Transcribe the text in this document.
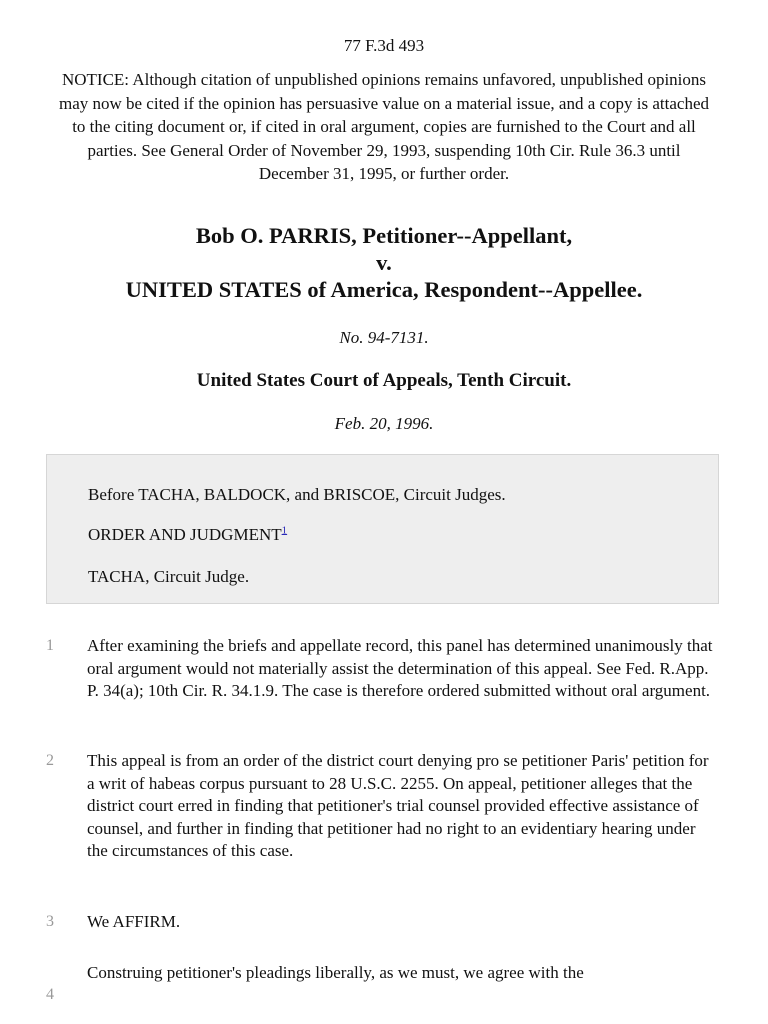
77 F.3d 493
NOTICE: Although citation of unpublished opinions remains unfavored, unpublished opinions may now be cited if the opinion has persuasive value on a material issue, and a copy is attached to the citing document or, if cited in oral argument, copies are furnished to the Court and all parties. See General Order of November 29, 1993, suspending 10th Cir. Rule 36.3 until December 31, 1995, or further order.
Bob O. PARRIS, Petitioner--Appellant,
v.
UNITED STATES of America, Respondent--Appellee.
No. 94-7131.
United States Court of Appeals, Tenth Circuit.
Feb. 20, 1996.
Before TACHA, BALDOCK, and BRISCOE, Circuit Judges.
ORDER AND JUDGMENT$^1$
TACHA, Circuit Judge.
1 After examining the briefs and appellate record, this panel has determined unanimously that oral argument would not materially assist the determination of this appeal. See Fed. R.App. P. 34(a); 10th Cir. R. 34.1.9. The case is therefore ordered submitted without oral argument.
2 This appeal is from an order of the district court denying pro se petitioner Paris' petition for a writ of habeas corpus pursuant to 28 U.S.C. 2255. On appeal, petitioner alleges that the district court erred in finding that petitioner's trial counsel provided effective assistance of counsel, and further in finding that petitioner had no right to an evidentiary hearing under the circumstances of this case.
3 We AFFIRM.
4
Construing petitioner's pleadings liberally, as we must, we agree with the
